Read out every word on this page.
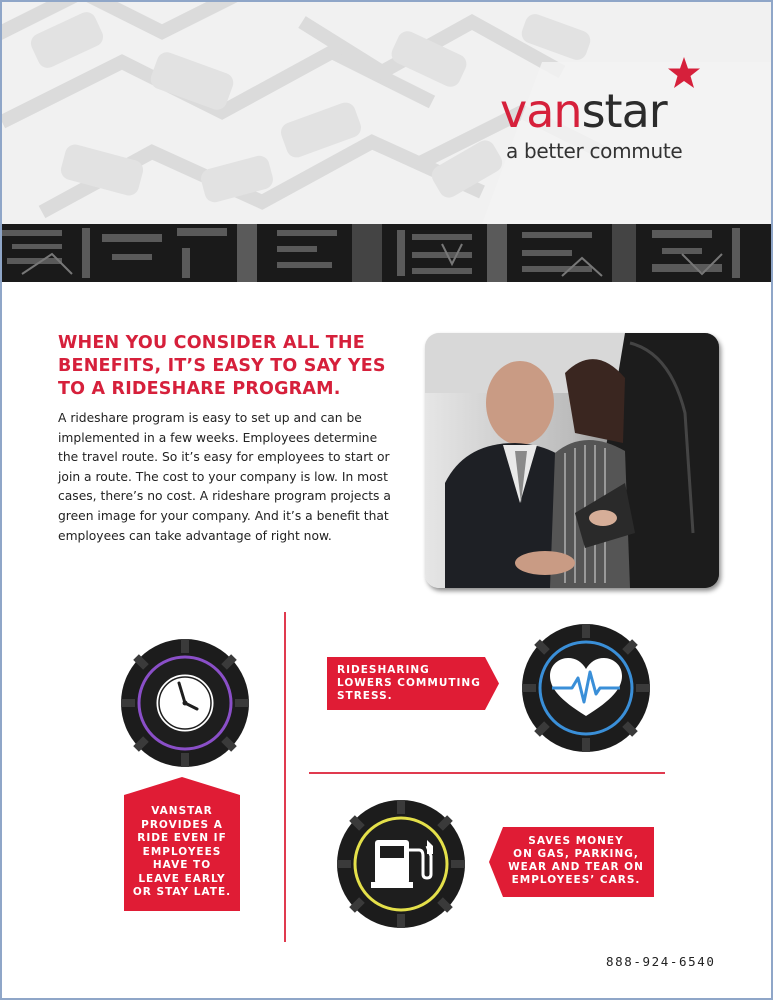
vanstar
a better commute
WHEN YOU CONSIDER ALL THE BENEFITS, IT’S EASY TO SAY YES TO A RIDESHARE PROGRAM.
A rideshare program is easy to set up and can be implemented in a few weeks. Employees determine the travel route. So it’s easy for employees to start or join a route. The cost to your company is low. In most cases, there’s no cost. A rideshare program projects a green image for your company. And it’s a benefit that employees can take advantage of right now.
RIDESHARING
LOWERS COMMUTING
STRESS.
VANSTAR
PROVIDES A
RIDE EVEN IF
EMPLOYEES
HAVE TO
LEAVE EARLY
OR STAY LATE.
SAVES MONEY
ON GAS, PARKING,
WEAR AND TEAR ON
EMPLOYEES’ CARS.
888-924-6540
